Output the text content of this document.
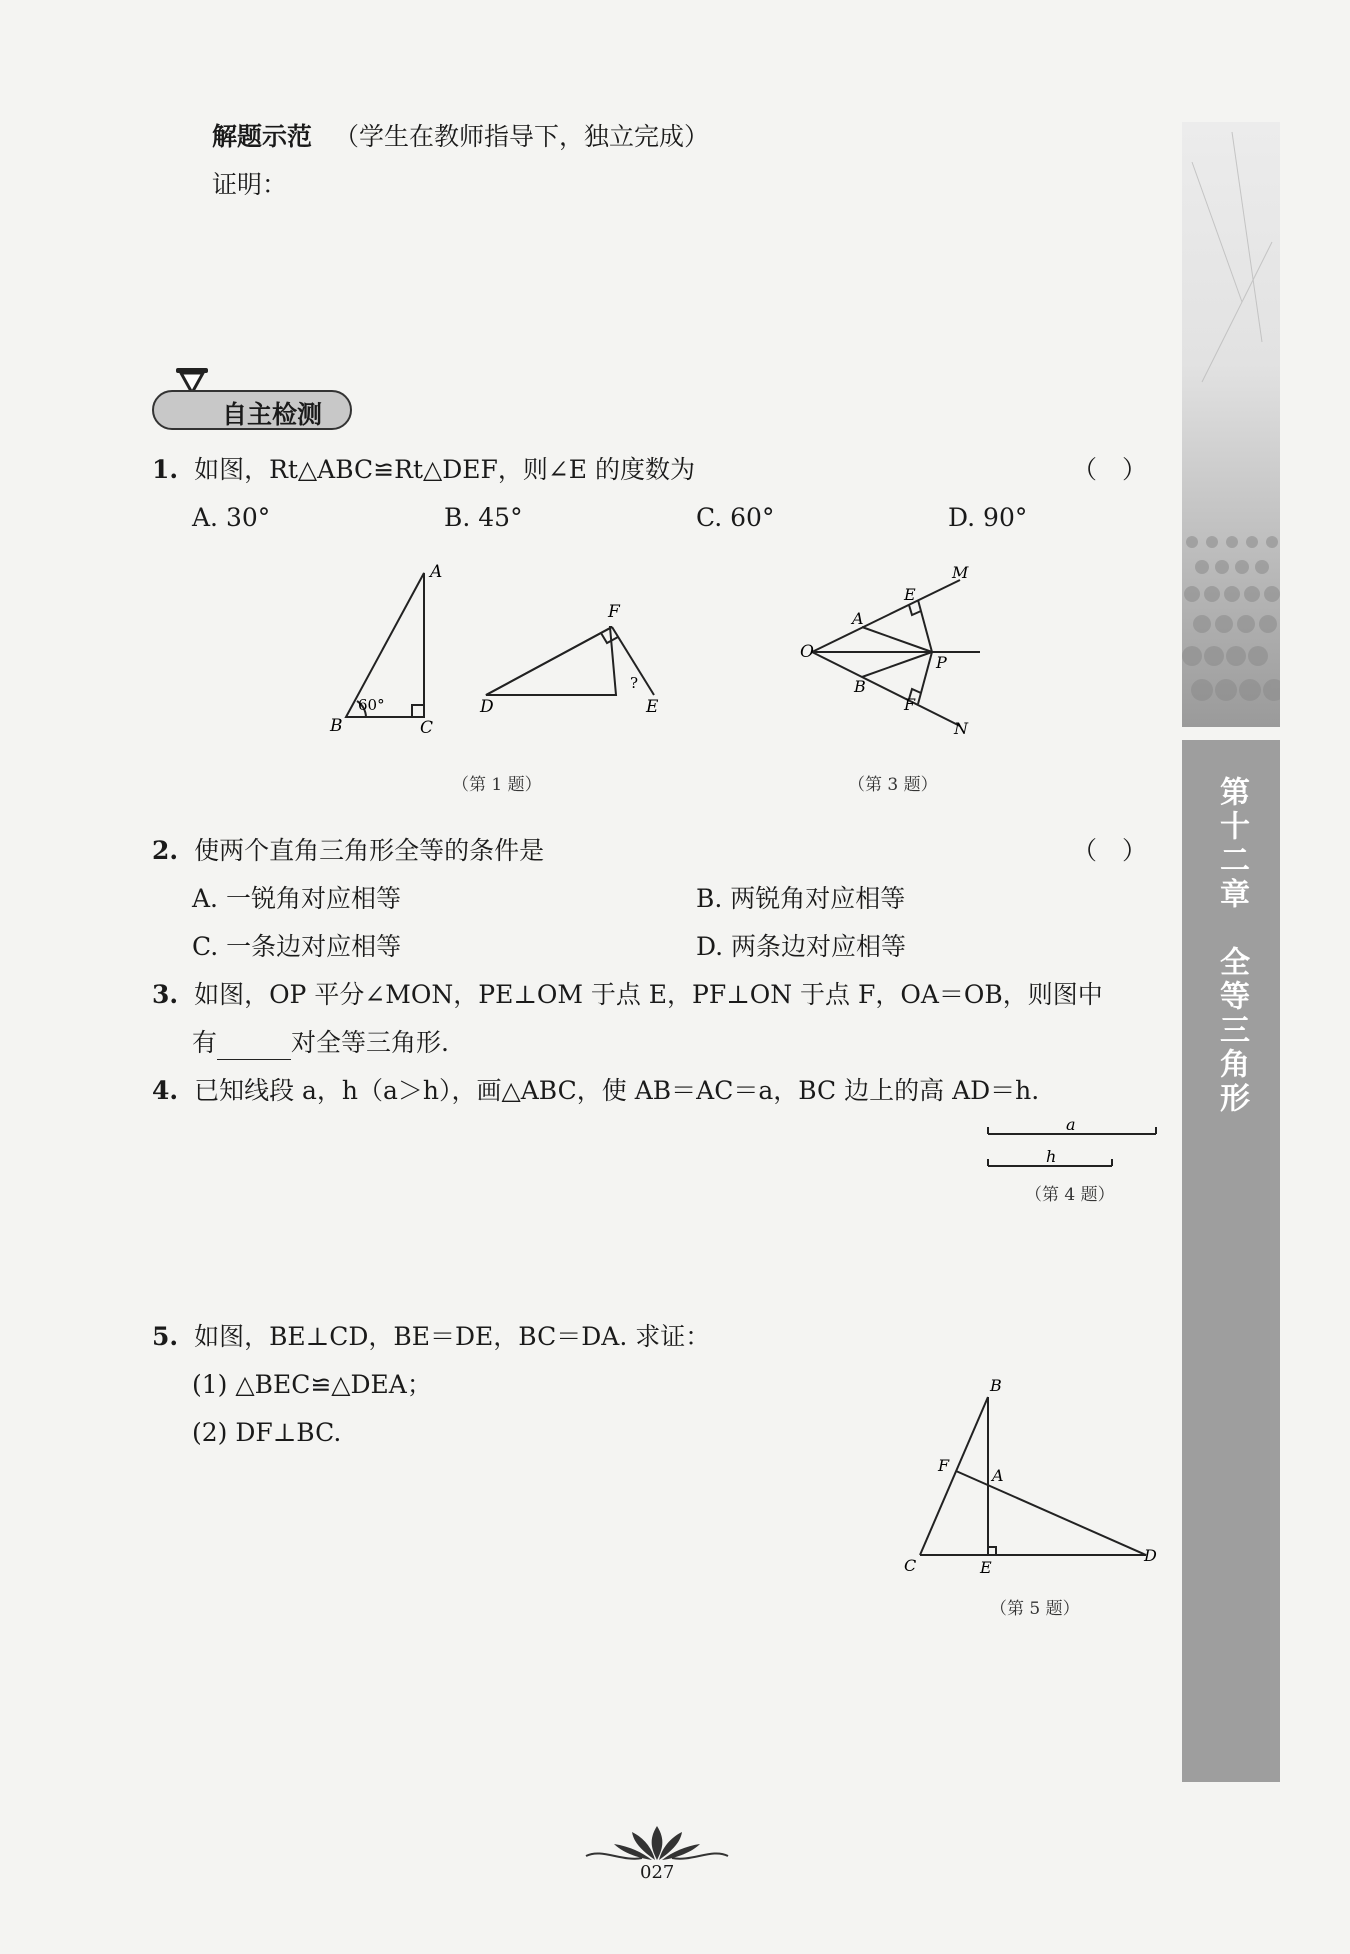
解题示范 （学生在教师指导下，独立完成）
证明：
自主检测
1. 如图，Rt△ABC≌Rt△DEF，则∠E 的度数为	（　）
A. 30°	B. 45°	C. 60°	D. 90°
A
B	C
60°	D	E
F
?
（第 1 题）
O
A
B
E
F
M
N
P
（第 3 题）
2. 使两个直角三角形全等的条件是	（　）
A. 一锐角对应相等	B. 两锐角对应相等
C. 一条边对应相等	D. 两条边对应相等
3. 如图，OP 平分∠MON，PE⊥OM 于点 E，PF⊥ON 于点 F，OA＝OB，则图中
有	对全等三角形.
4. 已知线段 a，h（a＞h），画△ABC，使 AB＝AC＝a，BC 边上的高 AD＝h.
a
h
（第 4 题）
5. 如图，BE⊥CD，BE＝DE，BC＝DA. 求证：
(1) △BEC≌△DEA；
(2) DF⊥BC.
B
F
A
C	E
D
（第 5 题）
第十二章　全等三角形
027
